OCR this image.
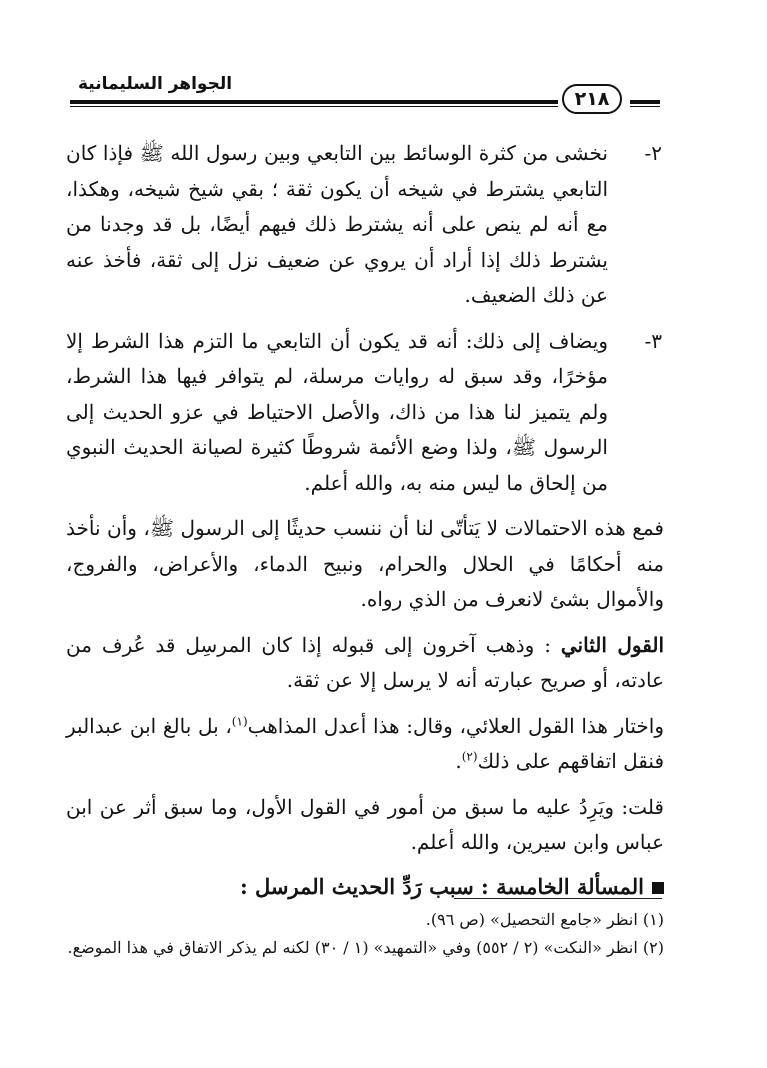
الجواهر السليمانية
٢١٨
٢-

نخشى من كثرة الوسائط بين التابعي وبين رسول الله ﷺ فإذا كان التابعي يشترط في شيخه أن يكون ثقة ؛ بقي شيخ شيخه، وهكذا، مع أنه لم ينص على أنه يشترط ذلك فيهم أيضًا، بل قد وجدنا من يشترط ذلك إذا أراد أن يروي عن ضعيف نزل إلى ثقة، فأخذ عنه عن ذلك الضعيف.

٣-

ويضاف إلى ذلك: أنه قد يكون أن التابعي ما التزم هذا الشرط إلا مؤخرًا، وقد سبق له روايات مرسلة، لم يتوافر فيها هذا الشرط، ولم يتميز لنا هذا من ذاك، والأصل الاحتياط في عزو الحديث إلى الرسول ﷺ، ولذا وضع الأئمة شروطًا كثيرة لصيانة الحديث النبوي من إلحاق ما ليس منه به، والله أعلم.

فمع هذه الاحتمالات لا يَتأتّى لنا أن ننسب حديثًا إلى الرسول ﷺ، وأن نأخذ منه أحكامًا في الحلال والحرام، ونبيح الدماء، والأعراض، والفروج، والأموال بشئ لانعرف من الذي رواه.

القول الثاني : وذهب آخرون إلى قبوله إذا كان المرسِل قد عُرف من عادته، أو صريح عبارته أنه لا يرسل إلا عن ثقة.

واختار هذا القول العلائي، وقال: هذا أعدل المذاهب$^{(١)}$، بل بالغ ابن عبدالبر فنقل اتفاقهم على ذلك$^{(٢)}$.

قلت: ويَرِدُ عليه ما سبق من أمور في القول الأول، وما سبق أثر عن ابن عباس وابن سيرين، والله أعلم.

المسألة الخامسة : سبب رَدِّ الحديث المرسل :

(١) انظر «جامع التحصيل» (ص ٩٦).

(٢) انظر «النكت» (٢ / ٥٥٢) وفي «التمهيد» (١ / ٣٠) لكنه لم يذكر الاتفاق في هذا الموضع.
